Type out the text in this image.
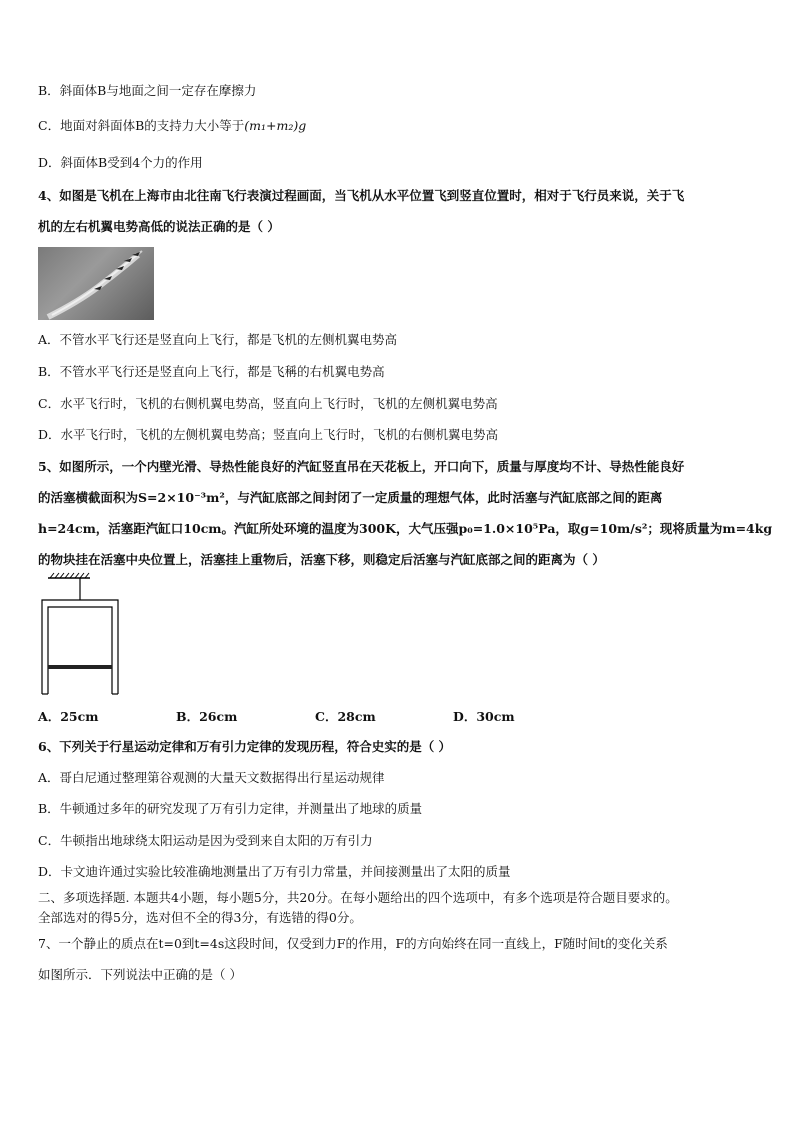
B．斜面体B与地面之间一定存在摩擦力
C．地面对斜面体B的支持力大小等于(m₁+m₂)g
D．斜面体B受到4个力的作用
4、如图是飞机在上海市由北往南飞行表演过程画面，当飞机从水平位置飞到竖直位置时，相对于飞行员来说，关于飞
机的左右机翼电势高低的说法正确的是（ ）
A．不管水平飞行还是竖直向上飞行，都是飞机的左侧机翼电势高
B．不管水平飞行还是竖直向上飞行，都是飞稱的右机翼电势高
C．水平飞行时，飞机的右侧机翼电势高，竖直向上飞行时，飞机的左侧机翼电势高
D．水平飞行时，飞机的左侧机翼电势高；竖直向上飞行时，飞机的右侧机翼电势高
5、如图所示，一个内壁光滑、导热性能良好的汽缸竖直吊在天花板上，开口向下，质量与厚度均不计、导热性能良好
的活塞横截面积为S=2×10⁻³m²，与汽缸底部之间封闭了一定质量的理想气体，此时活塞与汽缸底部之间的距离
h=24cm，活塞距汽缸口10cm。汽缸所处环境的温度为300K，大气压强p₀=1.0×10⁵Pa，取g=10m/s²；现将质量为m=4kg
的物块挂在活塞中央位置上，活塞挂上重物后，活塞下移，则稳定后活塞与汽缸底部之间的距离为（ ）
A．25cm	B．26cm	C．28cm	D．30cm
6、下列关于行星运动定律和万有引力定律的发现历程，符合史实的是（ ）
A．哥白尼通过整理第谷观测的大量天文数据得出行星运动规律
B．牛顿通过多年的研究发现了万有引力定律，并测量出了地球的质量
C．牛顿指出地球绕太阳运动是因为受到来自太阳的万有引力
D．卡文迪许通过实验比较准确地测量出了万有引力常量，并间接测量出了太阳的质量
二、多项选择题. 本题共4小题，每小题5分，共20分。在每小题给出的四个选项中，有多个选项是符合题目要求的。
全部选对的得5分，选对但不全的得3分，有选错的得0分。
7、一个静止的质点在t=0到t=4s这段时间，仅受到力F的作用，F的方向始终在同一直线上，F随时间t的变化关系
如图所示．下列说法中正确的是（ ）
